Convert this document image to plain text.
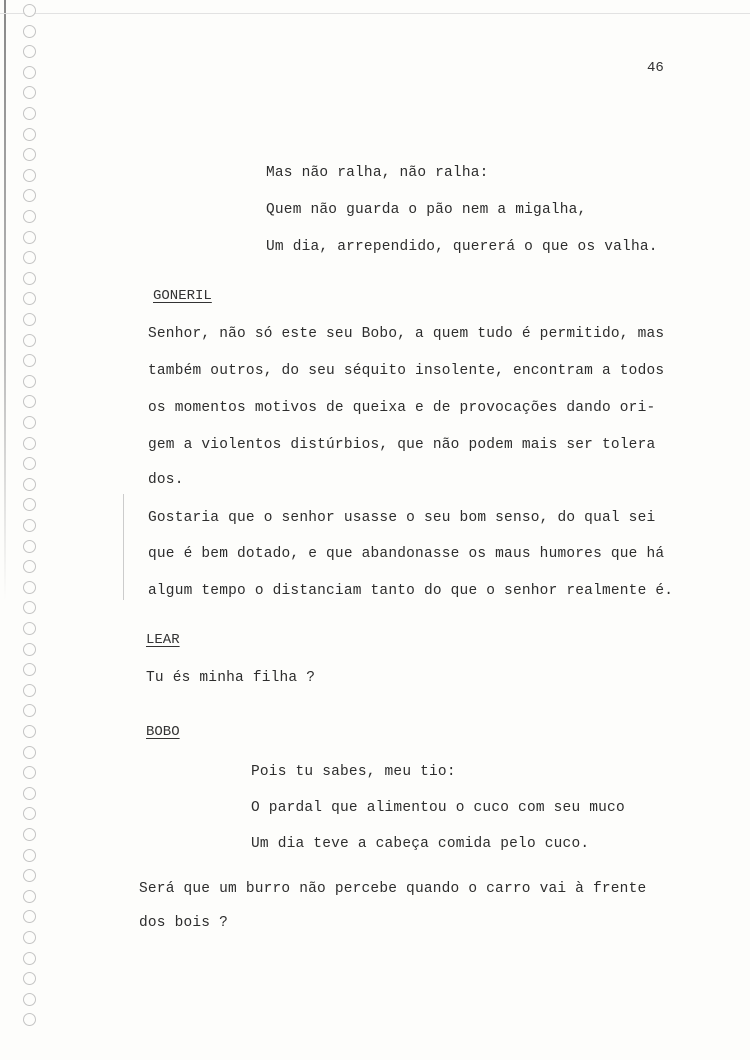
46
Mas não ralha, não ralha:
Quem não guarda o pão nem a migalha,
Um dia, arrependido, quererá o que os valha.
GONERIL
Senhor, não só este seu Bobo, a quem tudo é permitido, mas
também outros, do seu séquito insolente, encontram a todos
os momentos motivos de queixa e de provocações dando ori-
gem a violentos distúrbios, que não podem mais ser tolera
dos.
Gostaria que o senhor usasse o seu bom senso, do qual sei
que é bem dotado, e que abandonasse os maus humores que há
algum tempo o distanciam tanto do que o senhor realmente é.
LEAR
Tu és minha filha ?
BOBO
Pois tu sabes, meu tio:
O pardal que alimentou o cuco com seu muco
Um dia teve a cabeça comida pelo cuco.
Será que um burro não percebe quando o carro vai à frente
dos bois ?
